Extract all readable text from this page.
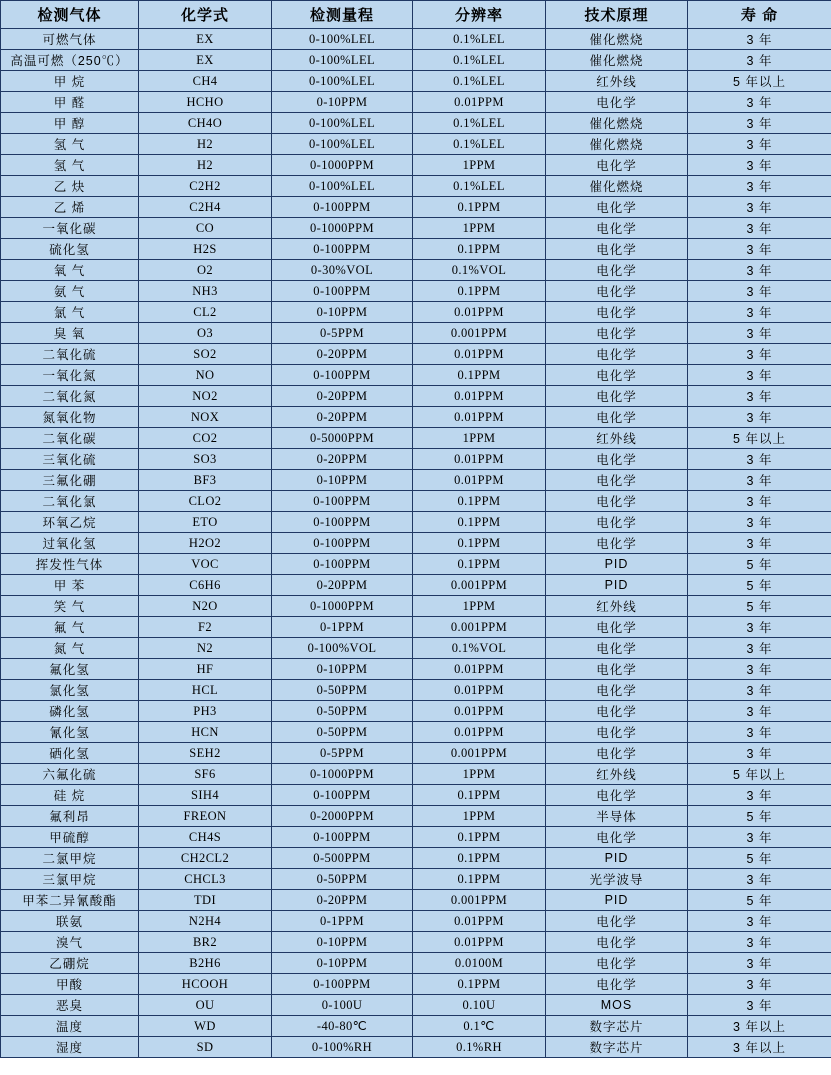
检测气体	化学式	检测量程	分辨率	技术原理	寿 命
可燃气体	EX	0-100%LEL	0.1%LEL	催化燃烧	3 年
高温可燃（250℃）	EX	0-100%LEL	0.1%LEL	催化燃烧	3 年
甲 烷	CH4	0-100%LEL	0.1%LEL	红外线	5 年以上
甲 醛	HCHO	0-10PPM	0.01PPM	电化学	3 年
甲 醇	CH4O	0-100%LEL	0.1%LEL	催化燃烧	3 年
氢 气	H2	0-100%LEL	0.1%LEL	催化燃烧	3 年
氢 气	H2	0-1000PPM	1PPM	电化学	3 年
乙 炔	C2H2	0-100%LEL	0.1%LEL	催化燃烧	3 年
乙 烯	C2H4	0-100PPM	0.1PPM	电化学	3 年
一氧化碳	CO	0-1000PPM	1PPM	电化学	3 年
硫化氢	H2S	0-100PPM	0.1PPM	电化学	3 年
氧 气	O2	0-30%VOL	0.1%VOL	电化学	3 年
氨 气	NH3	0-100PPM	0.1PPM	电化学	3 年
氯 气	CL2	0-10PPM	0.01PPM	电化学	3 年
臭 氧	O3	0-5PPM	0.001PPM	电化学	3 年
二氧化硫	SO2	0-20PPM	0.01PPM	电化学	3 年
一氧化氮	NO	0-100PPM	0.1PPM	电化学	3 年
二氧化氮	NO2	0-20PPM	0.01PPM	电化学	3 年
氮氧化物	NOX	0-20PPM	0.01PPM	电化学	3 年
二氧化碳	CO2	0-5000PPM	1PPM	红外线	5 年以上
三氧化硫	SO3	0-20PPM	0.01PPM	电化学	3 年
三氟化硼	BF3	0-10PPM	0.01PPM	电化学	3 年
二氧化氯	CLO2	0-100PPM	0.1PPM	电化学	3 年
环氧乙烷	ETO	0-100PPM	0.1PPM	电化学	3 年
过氧化氢	H2O2	0-100PPM	0.1PPM	电化学	3 年
挥发性气体	VOC	0-100PPM	0.1PPM	PID	5 年
甲 苯	C6H6	0-20PPM	0.001PPM	PID	5 年
笑 气	N2O	0-1000PPM	1PPM	红外线	5 年
氟 气	F2	0-1PPM	0.001PPM	电化学	3 年
氮 气	N2	0-100%VOL	0.1%VOL	电化学	3 年
氟化氢	HF	0-10PPM	0.01PPM	电化学	3 年
氯化氢	HCL	0-50PPM	0.01PPM	电化学	3 年
磷化氢	PH3	0-50PPM	0.01PPM	电化学	3 年
氰化氢	HCN	0-50PPM	0.01PPM	电化学	3 年
硒化氢	SEH2	0-5PPM	0.001PPM	电化学	3 年
六氟化硫	SF6	0-1000PPM	1PPM	红外线	5 年以上
硅 烷	SIH4	0-100PPM	0.1PPM	电化学	3 年
氟利昂	FREON	0-2000PPM	1PPM	半导体	5 年
甲硫醇	CH4S	0-100PPM	0.1PPM	电化学	3 年
二氯甲烷	CH2CL2	0-500PPM	0.1PPM	PID	5 年
三氯甲烷	CHCL3	0-50PPM	0.1PPM	光学波导	3 年
甲苯二异氰酸酯	TDI	0-20PPM	0.001PPM	PID	5 年
联氨	N2H4	0-1PPM	0.01PPM	电化学	3 年
溴气	BR2	0-10PPM	0.01PPM	电化学	3 年
乙硼烷	B2H6	0-10PPM	0.0100M	电化学	3 年
甲酸	HCOOH	0-100PPM	0.1PPM	电化学	3 年
恶臭	OU	0-100U	0.10U	MOS	3 年
温度	WD	-40-80℃	0.1℃	数字芯片	3 年以上
湿度	SD	0-100%RH	0.1%RH	数字芯片	3 年以上
